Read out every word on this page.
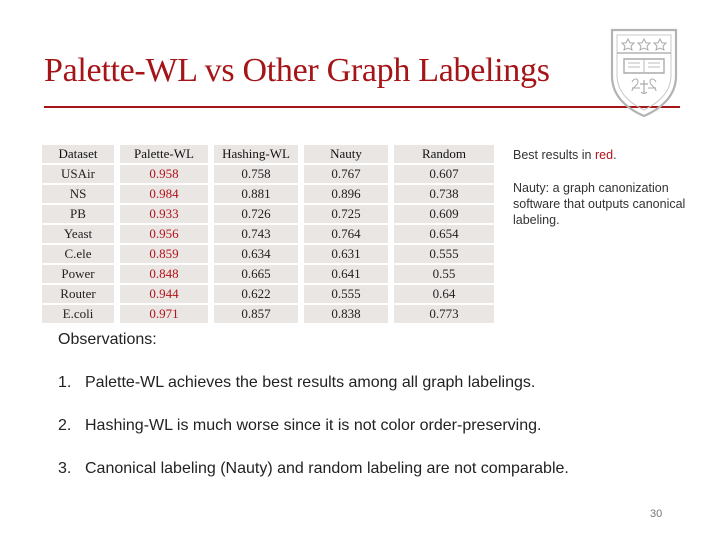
Palette-WL vs Other Graph Labelings
Dataset	Palette-WL	Hashing-WL	Nauty	Random
USAir	0.958	0.758	0.767	0.607
NS	0.984	0.881	0.896	0.738
PB	0.933	0.726	0.725	0.609
Yeast	0.956	0.743	0.764	0.654
C.ele	0.859	0.634	0.631	0.555
Power	0.848	0.665	0.641	0.55
Router	0.944	0.622	0.555	0.64
E.coli	0.971	0.857	0.838	0.773
Best results in red.
Nauty: a graph canonization software that outputs canonical labeling.
Observations:
1. Palette-WL achieves the best results among all graph labelings.
2. Hashing-WL is much worse since it is not color order-preserving.
3. Canonical labeling (Nauty) and random labeling are not comparable.
30
